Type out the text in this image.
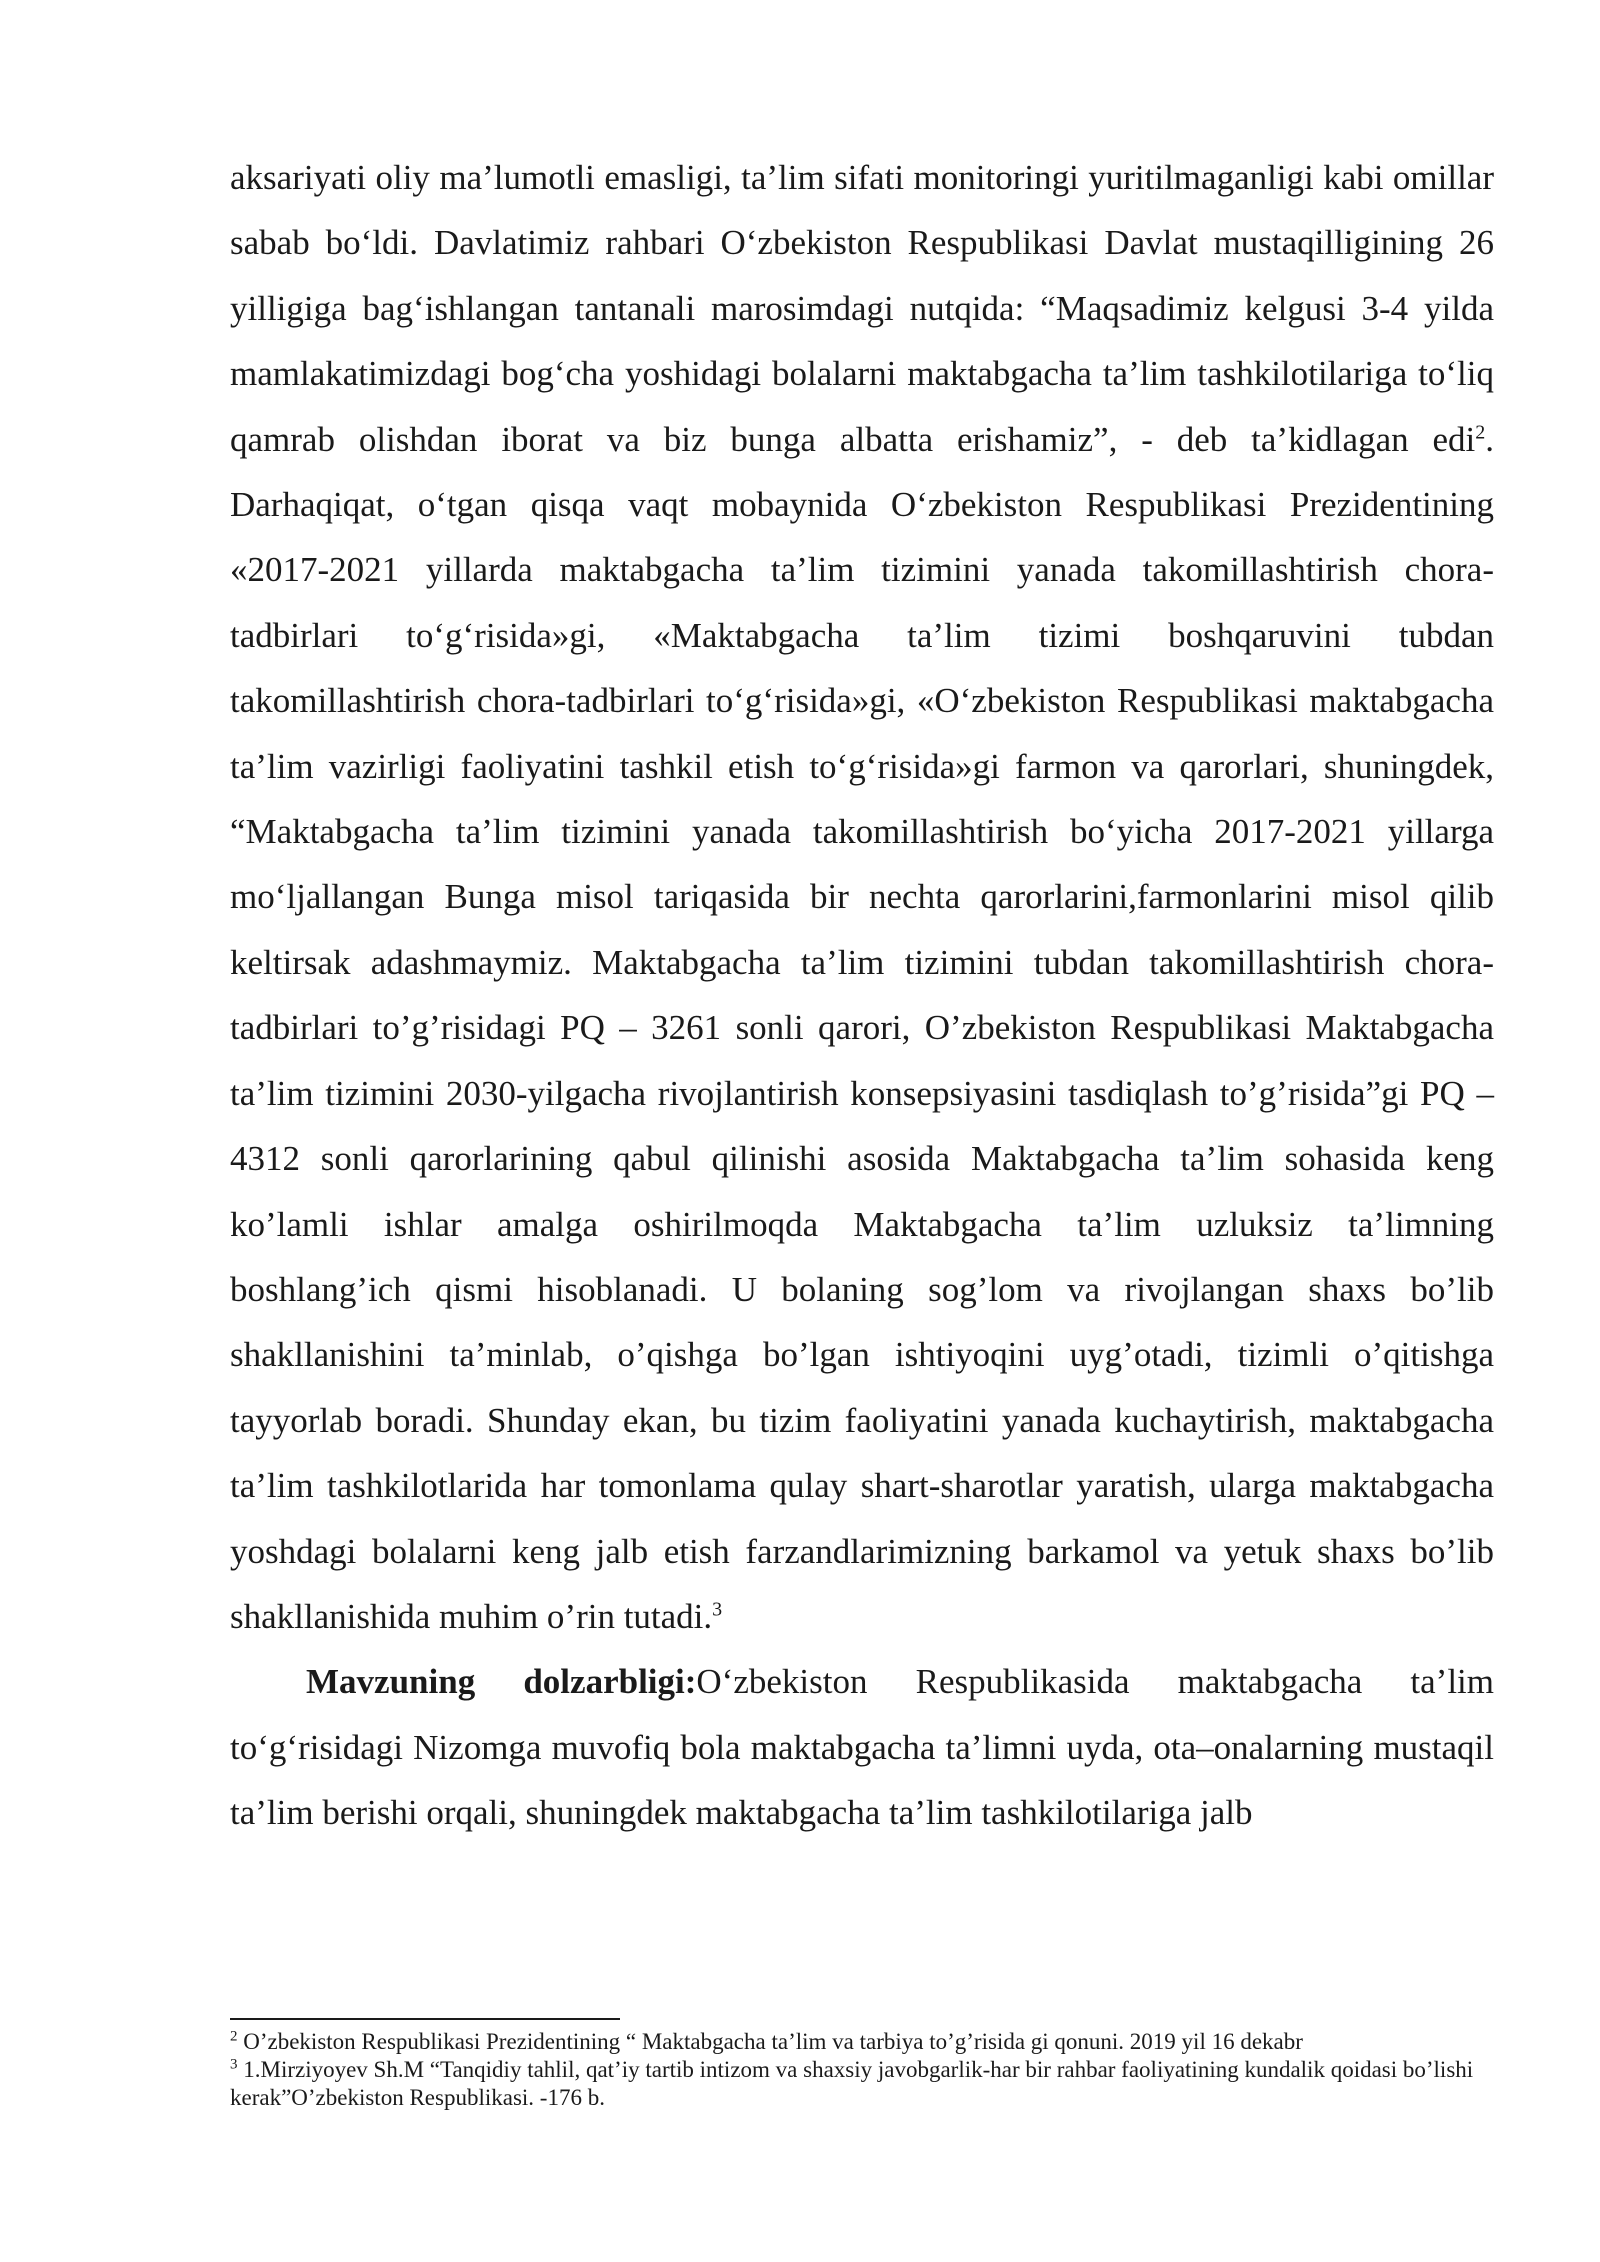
aksariyati oliy ma’lumotli emasligi, ta’lim sifati monitoringi yuritilmaganligi kabi omillar sabab bo‘ldi. Davlatimiz rahbari O‘zbekiston Respublikasi Davlat mustaqilligining 26 yilligiga bag‘ishlangan tantanali marosimdagi nutqida: “Maqsadimiz kelgusi 3-4 yilda mamlakatimizdagi bog‘cha yoshidagi bolalarni maktabgacha ta’lim tashkilotilariga to‘liq qamrab olishdan iborat va biz bunga albatta erishamiz”, - deb ta’kidlagan edi$^2$. Darhaqiqat, o‘tgan qisqa vaqt mobaynida O‘zbekiston Respublikasi Prezidentining «2017-2021 yillarda maktabgacha ta’lim tizimini yanada takomillashtirish chora-tadbirlari to‘g‘risida»gi, «Maktabgacha ta’lim tizimi boshqaruvini tubdan takomillashtirish chora-tadbirlari to‘g‘risida»gi, «O‘zbekiston Respublikasi maktabgacha ta’lim vazirligi faoliyatini tashkil etish to‘g‘risida»gi farmon va qarorlari, shuningdek, “Maktabgacha ta’lim tizimini yanada takomillashtirish bo‘yicha 2017-2021 yillarga mo‘ljallangan Bunga misol tariqasida bir nechta qarorlarini,farmonlarini misol qilib keltirsak adashmaymiz. Maktabgacha ta’lim tizimini tubdan takomillashtirish chora-tadbirlari to’g’risidagi PQ – 3261 sonli qarori, O’zbekiston Respublikasi Maktabgacha ta’lim tizimini 2030-yilgacha rivojlantirish konsepsiyasini tasdiqlash to’g’risida”gi PQ – 4312 sonli qarorlarining qabul qilinishi asosida Maktabgacha ta’lim sohasida keng ko’lamli ishlar amalga oshirilmoqda Maktabgacha ta’lim uzluksiz ta’limning boshlang’ich qismi hisoblanadi. U bolaning sog’lom va rivojlangan shaxs bo’lib shakllanishini ta’minlab, o’qishga bo’lgan ishtiyoqini uyg’otadi, tizimli o’qitishga tayyorlab boradi. Shunday ekan, bu tizim faoliyatini yanada kuchaytirish, maktabgacha ta’lim tashkilotlarida har tomonlama qulay shart-sharotlar yaratish, ularga maktabgacha yoshdagi bolalarni keng jalb etish farzandlarimizning barkamol va yetuk shaxs bo’lib shakllanishida muhim o’rin tutadi.$^3$

Mavzuning dolzarbligi:O‘zbekiston Respublikasida maktabgacha ta’lim to‘g‘risidagi Nizomga muvofiq bola maktabgacha ta’limni uyda, ota–onalarning mustaqil ta’lim berishi orqali, shuningdek maktabgacha ta’lim tashkilotilariga jalb

$^2$ O’zbekiston Respublikasi Prezidentining “ Maktabgacha ta’lim va tarbiya to’g’risida gi qonuni. 2019 yil 16 dekabr

$^3$ 1.Mirziyoyev Sh.M “Tanqidiy tahlil, qat’iy tartib intizom va shaxsiy javobgarlik-har bir rahbar faoliyatining kundalik qoidasi bo’lishi kerak”O’zbekiston Respublikasi. -176 b.
